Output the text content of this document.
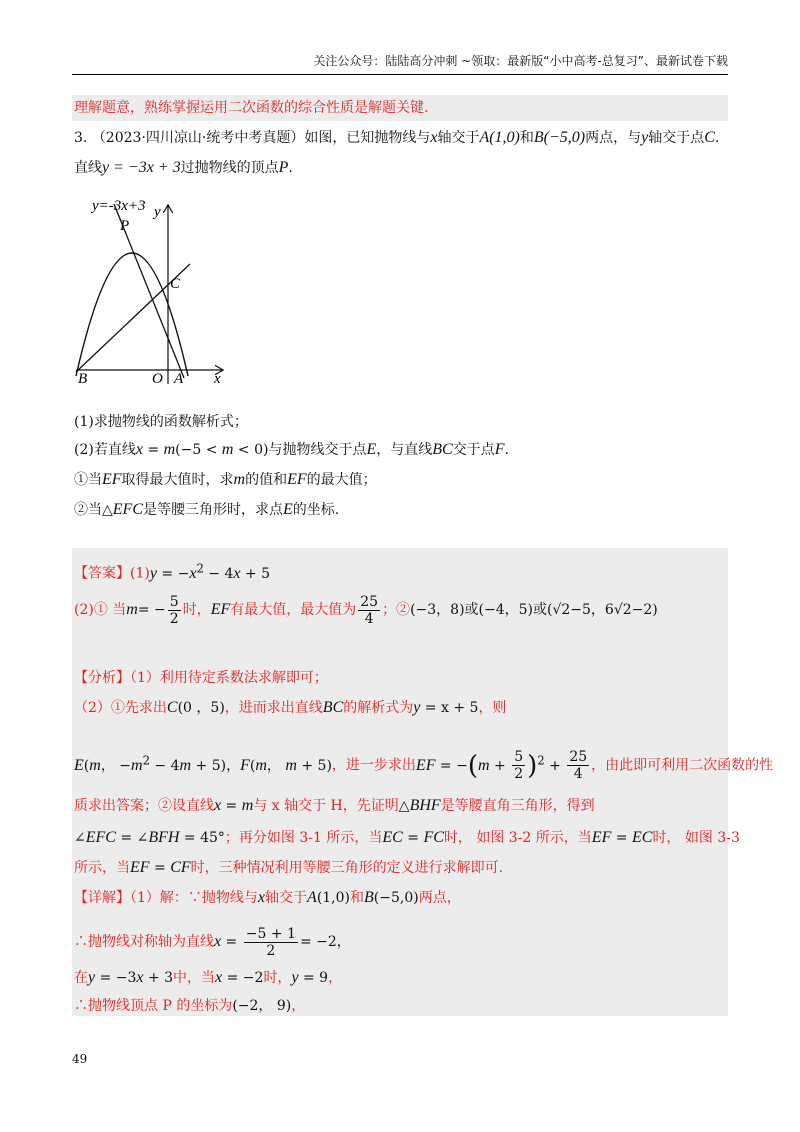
关注公众号：陆陆高分冲刺 ~领取：最新版“小中高考-总复习”、最新试卷下载
理解题意，熟练掌握运用二次函数的综合性质是解题关键.
3. （2023·四川凉山·统考中考真题）如图，已知抛物线与x轴交于A(1,0)和B(−5,0)两点，与y轴交于点C.
直线y = −3x + 3过抛物线的顶点P.
y=-3x+3 y
P
C
B	O A x
(1)求抛物线的函数解析式；
(2)若直线x = m(−5 < m < 0)与抛物线交于点E，与直线BC交于点F.
①当EF取得最大值时，求m的值和EF的最大值；
②当△EFC是等腰三角形时，求点E的坐标.
【答案】$(1)y = -x^2 - 4x + 5$
(2)① 当$m= - \frac{5}{2}$ 时，EF有最大值，最大值为 $\frac{25}{4}$ ；②(−3，8)或(−4，5)或(√2−5，6√2−2)
【分析】（1）利用待定系数法求解即可；
（2）①先求出C(0 ，5)，进而求出直线BC的解析式为y = x + 5，则
E(m， $-m^2 - 4m + 5$)，F(m， m + 5)，进一步求出EF = $-(m + \frac{5}{2} )^2 + \frac{25}{4}$ ，由此即可利用二次函数的性
质求出答案；②设直线x = m与 x 轴交于 H，先证明△BHF是等腰直角三角形，得到
∠EFC = ∠BFH = 45°；再分如图 3-1 所示，当EC = FC时， 如图 3-2 所示，当EF = EC时， 如图 3-3
所示，当EF = CF时，三种情况利用等腰三角形的定义进行求解即可.
【详解】（1）解：∵抛物线与x轴交于A(1,0)和B(−5,0)两点，
∴抛物线对称轴为直线$x = \frac{-5 + 1}{2} = -2$，
在y = −3x + 3中，当x = −2时，y = 9，
∴抛物线顶点 P 的坐标为(−2， 9)，
49
